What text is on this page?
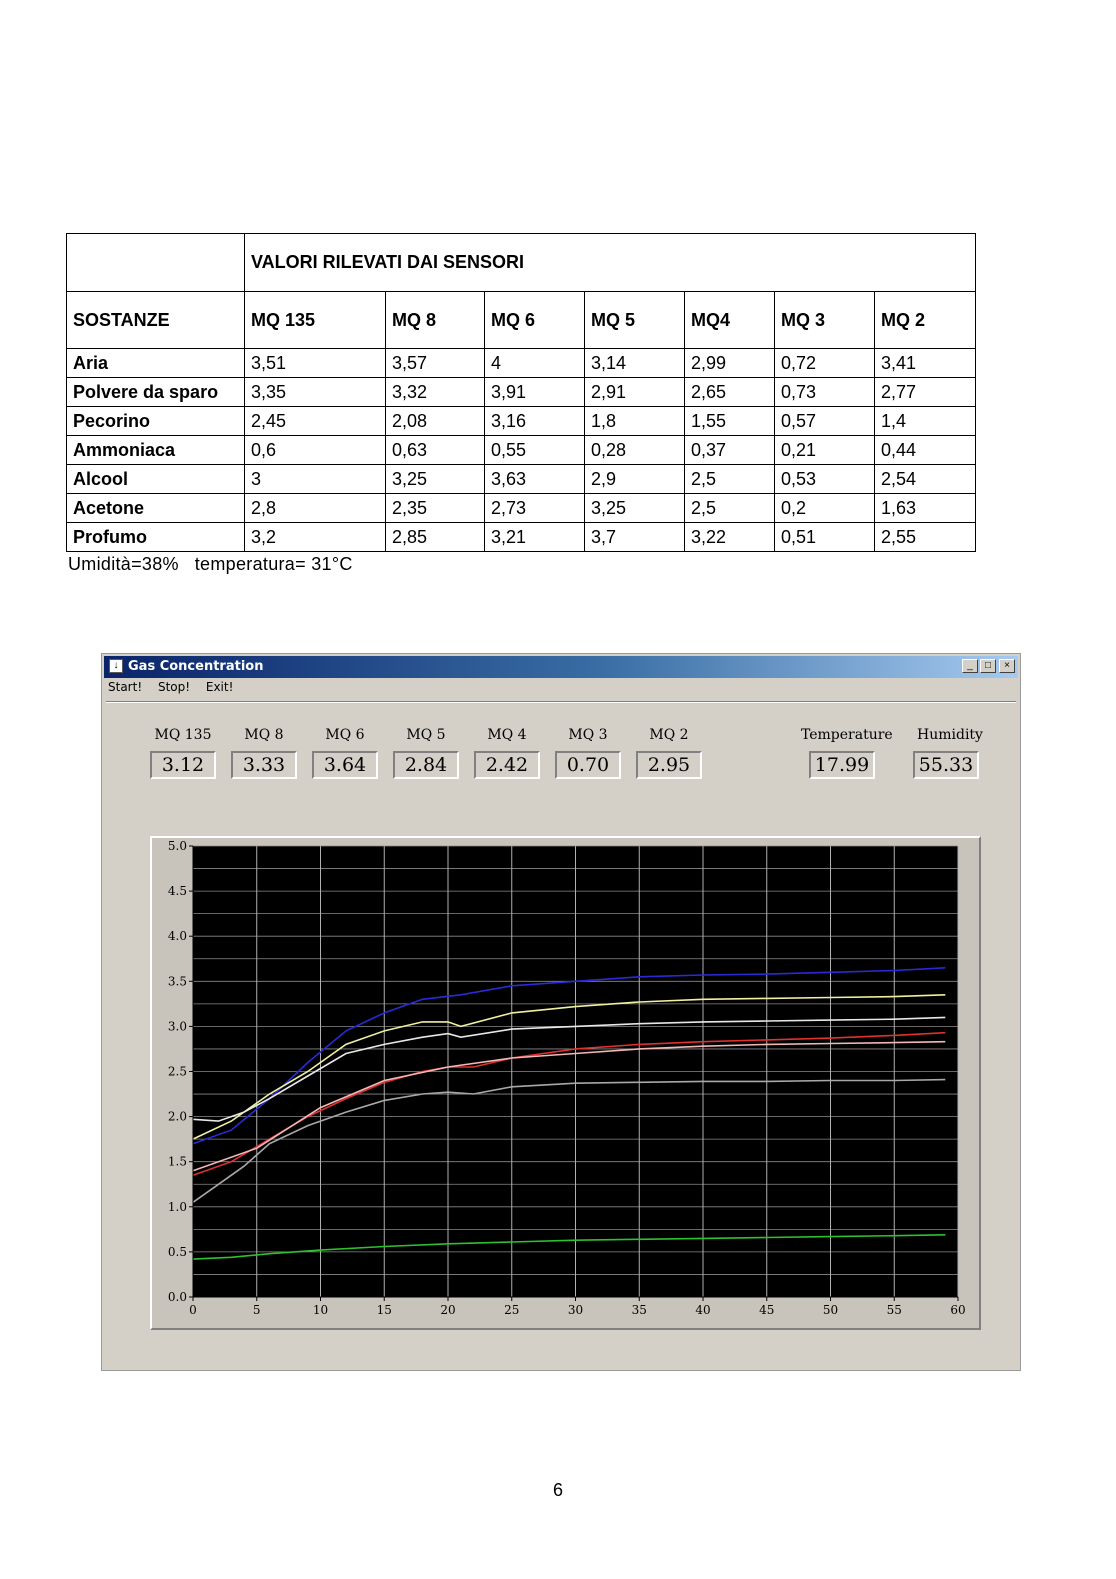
	VALORI RILEVATI DAI SENSORI						
SOSTANZE	MQ 135	MQ 8	MQ 6	MQ 5	MQ4	MQ 3	MQ 2
Aria	3,51	3,57	4	3,14	2,99	0,72	3,41
Polvere da sparo	3,35	3,32	3,91	2,91	2,65	0,73	2,77
Pecorino	2,45	2,08	3,16	1,8	1,55	0,57	1,4
Ammoniaca	0,6	0,63	0,55	0,28	0,37	0,21	0,44
Alcool	3	3,25	3,63	2,9	2,5	0,53	2,54
Acetone	2,8	2,35	2,73	3,25	2,5	0,2	1,63
Profumo	3,2	2,85	3,21	3,7	3,22	0,51	2,55
Umidità=38%   temperatura= 31°C
↓ Gas Concentration	_	□	×
Start! Stop! Exit!
MQ 135
3.12
MQ 8
3.33
MQ 6
3.64
MQ 5
2.84
MQ 4
2.42
MQ 3
0.70
MQ 2
2.95
Temperature
17.99
Humidity
55.33
0.0
0.5
1.0
1.5
2.0
2.5
3.0
3.5
4.0
4.5
5.0
0	5	10	15	20	25	30	35	40	45	50	55	60
6
